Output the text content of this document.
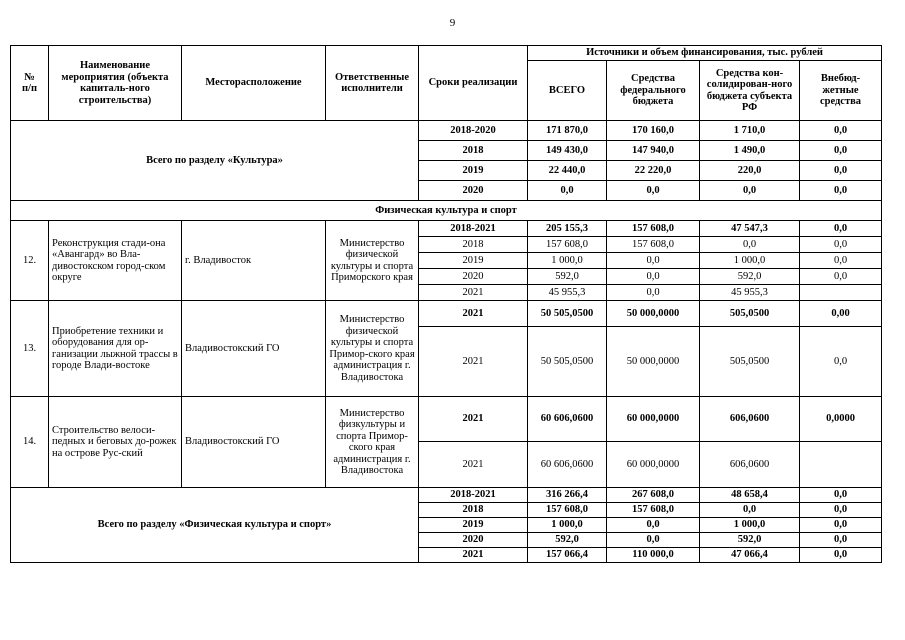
9
№
п/п	Наименование мероприятия (объекта капиталь-ного строительства)	Месторасположение	Ответственные исполнители	Сроки реализации	Источники и объем финансирования, тыс. рублей			
					ВСЕГО	Средства федерального бюджета	Средства кон-солидирован-ного бюджета субъекта РФ	Внебюд-жетные средства
Всего по разделу «Культура»				2018-2020	171 870,0	170 160,0	1 710,0	0,0
				2018	149 430,0	147 940,0	1 490,0	0,0
				2019	22 440,0	22 220,0	220,0	0,0
				2020	0,0	0,0	0,0	0,0
Физическая культура и спорт								
12.	Реконструкция стади-она «Авангард» во Вла-дивостокском город-ском округе	г. Владивосток	Министерство физической культуры и спорта Приморского края	2018-2021	205 155,3	157 608,0	47 547,3	0,0
				2018	157 608,0	157 608,0	0,0	0,0
				2019	1 000,0	0,0	1 000,0	0,0
				2020	592,0	0,0	592,0	0,0
				2021	45 955,3	0,0	45 955,3	
13.	Приобретение техники и оборудования для ор-ганизации лыжной трассы в городе Влади-востоке	Владивостокский ГО	Министерство физической культуры и спорта Примор-ского края администрация г. Владивостока	2021	50 505,0500	50 000,0000	505,0500	0,00
				2021	50 505,0500	50 000,0000	505,0500	0,0
14.	Строительство велоси-педных и беговых до-рожек на острове Рус-ский	Владивостокский ГО	Министерство физкультуры и спорта Примор-ского края администрация г. Владивостока	2021	60 606,0600	60 000,0000	606,0600	0,0000
				2021	60 606,0600	60 000,0000	606,0600	
Всего по разделу «Физическая культура и спорт»				2018-2021	316 266,4	267 608,0	48 658,4	0,0
				2018	157 608,0	157 608,0	0,0	0,0
				2019	1 000,0	0,0	1 000,0	0,0
				2020	592,0	0,0	592,0	0,0
				2021	157 066,4	110 000,0	47 066,4	0,0
